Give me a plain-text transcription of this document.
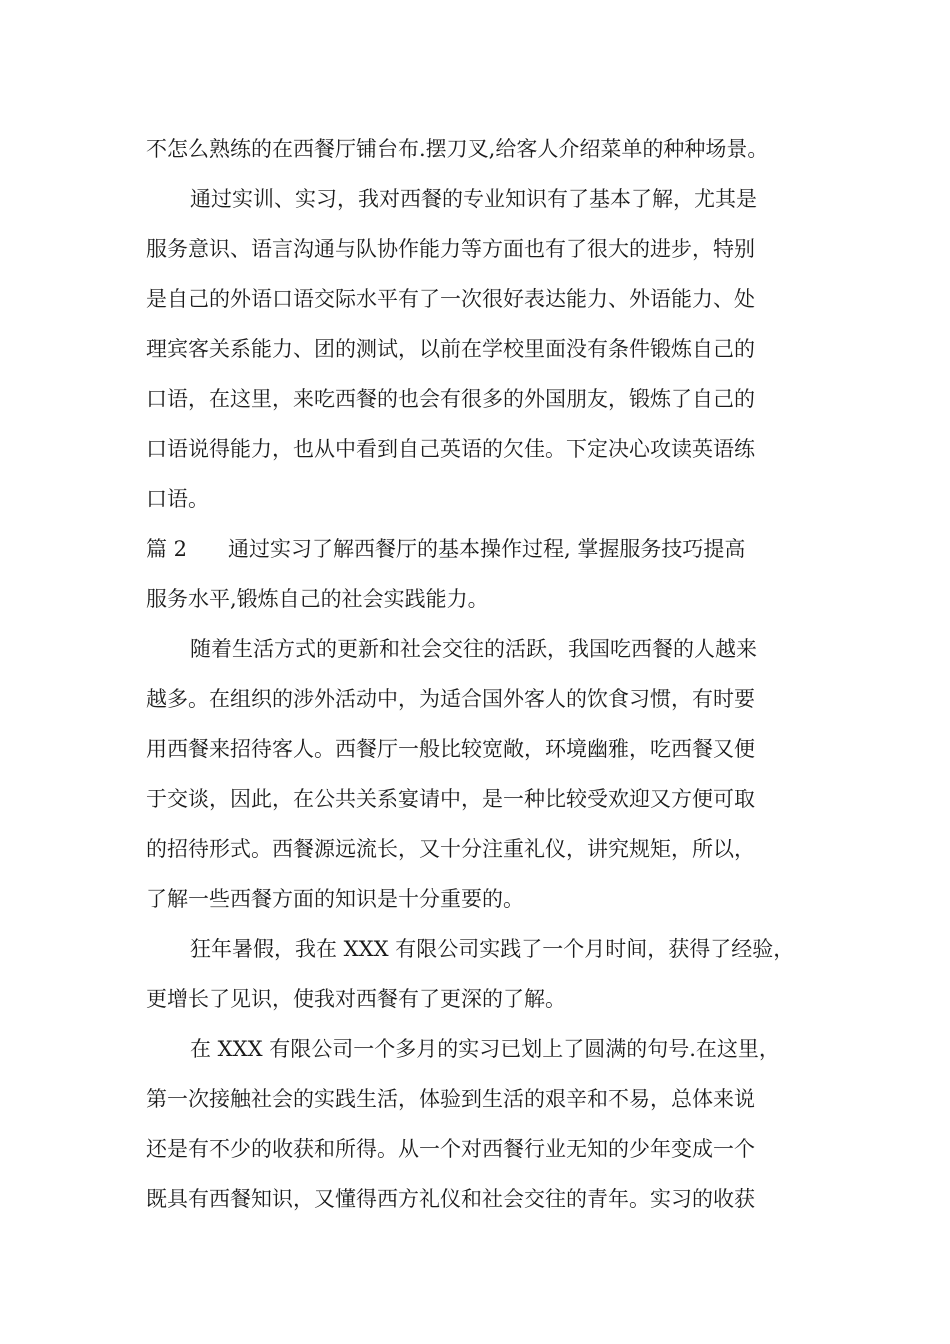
不怎么熟练的在西餐厅铺台布.摆刀叉,给客人介绍菜单的种种场景。
通过实训、实习，我对西餐的专业知识有了基本了解，尤其是
服务意识、语言沟通与队协作能力等方面也有了很大的进步，特别
是自己的外语口语交际水平有了一次很好表达能力、外语能力、处
理宾客关系能力、团的测试，以前在学校里面没有条件锻炼自己的
口语，在这里，来吃西餐的也会有很多的外国朋友，锻炼了自己的
口语说得能力，也从中看到自己英语的欠佳。下定决心攻读英语练
口语。
篇 2 通过实习了解西餐厅的基本操作过程, 掌握服务技巧提高
服务水平,锻炼自己的社会实践能力。
随着生活方式的更新和社会交往的活跃，我国吃西餐的人越来
越多。在组织的涉外活动中，为适合国外客人的饮食习惯，有时要
用西餐来招待客人。西餐厅一般比较宽敞，环境幽雅，吃西餐又便
于交谈，因此，在公共关系宴请中，是一种比较受欢迎又方便可取
的招待形式。西餐源远流长，又十分注重礼仪，讲究规矩，所以，
了解一些西餐方面的知识是十分重要的。
狂年暑假，我在 XXX 有限公司实践了一个月时间，获得了经验，
更增长了见识，使我对西餐有了更深的了解。
在 XXX 有限公司一个多月的实习已划上了圆满的句号.在这里，
第一次接触社会的实践生活，体验到生活的艰辛和不易，总体来说
还是有不少的收获和所得。从一个对西餐行业无知的少年变成一个
既具有西餐知识，又懂得西方礼仪和社会交往的青年。实习的收获
